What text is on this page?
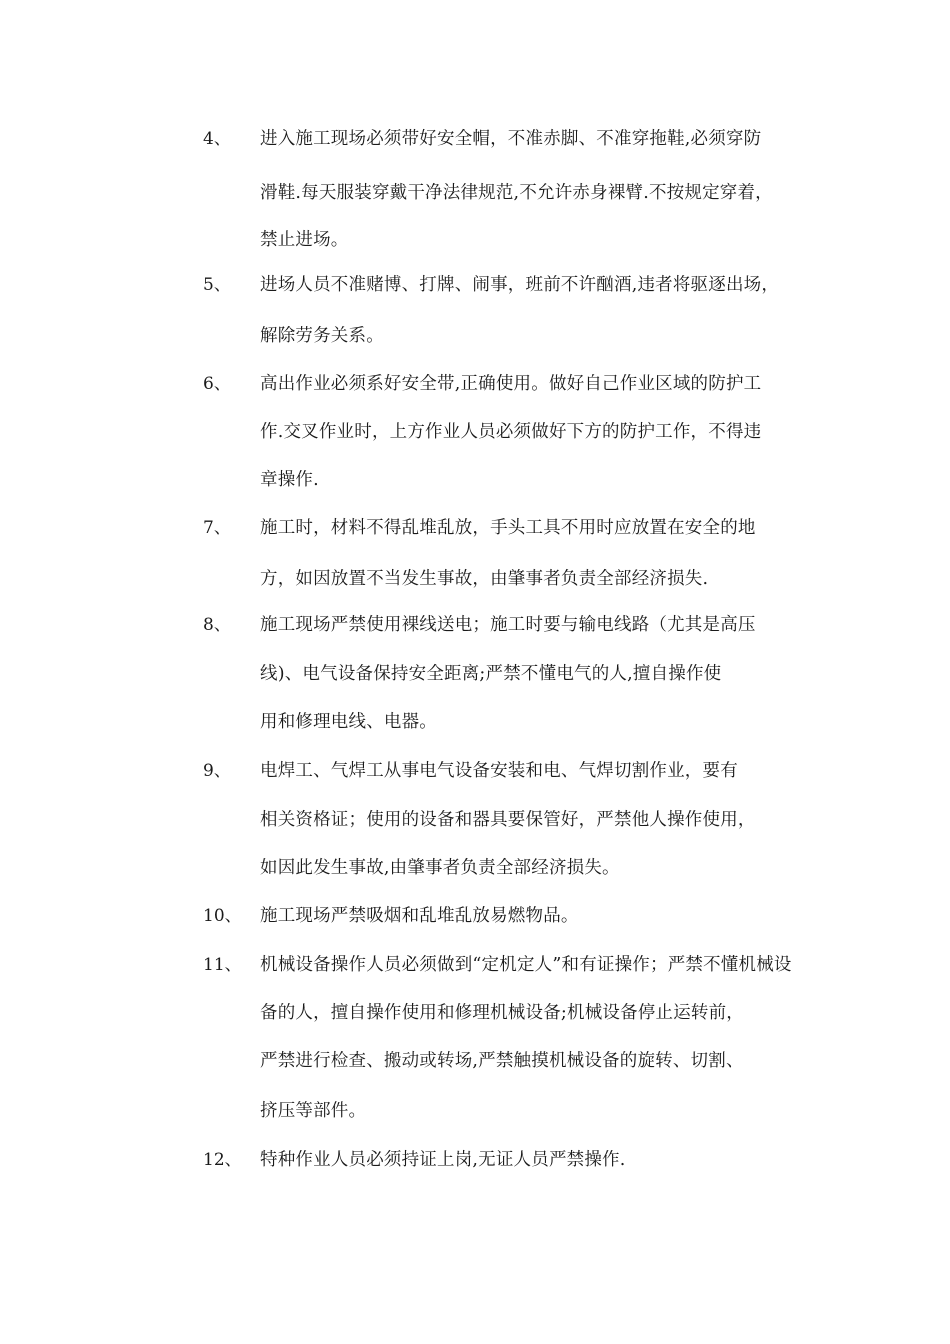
4、 进入施工现场必须带好安全帽，不准赤脚、不准穿拖鞋,必须穿防
滑鞋.每天服装穿戴干净法律规范,不允许赤身裸臂.不按规定穿着，
禁止进场。
5、 进场人员不准赌博、打牌、闹事，班前不许酗酒,违者将驱逐出场，
解除劳务关系。
6、 高出作业必须系好安全带,正确使用。做好自己作业区域的防护工
作.交叉作业时，上方作业人员必须做好下方的防护工作，不得违
章操作.
7、 施工时，材料不得乱堆乱放，手头工具不用时应放置在安全的地
方，如因放置不当发生事故，由肇事者负责全部经济损失.
8、 施工现场严禁使用裸线送电；施工时要与输电线路（尤其是高压
线)、电气设备保持安全距离;严禁不懂电气的人,擅自操作使
用和修理电线、电器。
9、 电焊工、气焊工从事电气设备安装和电、气焊切割作业，要有
相关资格证；使用的设备和器具要保管好，严禁他人操作使用，
如因此发生事故,由肇事者负责全部经济损失。
10、 施工现场严禁吸烟和乱堆乱放易燃物品。
11、 机械设备操作人员必须做到“定机定人”和有证操作；严禁不懂机械设
备的人，擅自操作使用和修理机械设备;机械设备停止运转前，
严禁进行检查、搬动或转场,严禁触摸机械设备的旋转、切割、
挤压等部件。
12、 特种作业人员必须持证上岗,无证人员严禁操作.
